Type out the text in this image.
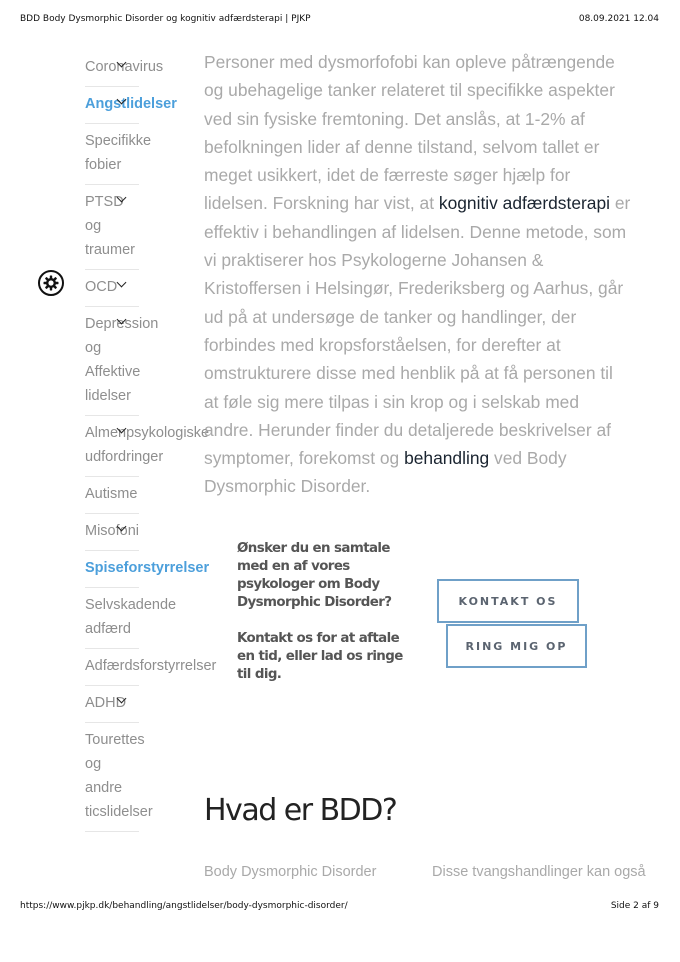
BDD Body Dysmorphic Disorder og kognitiv adfærdsterapi | PJKP	08.09.2021 12.04
Coronavirus
Angstlidelser
Specifikke fobier
PTSD og traumer
OCD
Depression og Affektive lidelser
Almenpsykologiske udfordringer
Autisme
Misofoni
Spiseforstyrrelser
Selvskadende adfærd
Adfærdsforstyrrelser
ADHD
Tourettes og andre ticslidelser

Personer med dysmorfofobi kan opleve påtrængende og ubehagelige tanker relateret til specifikke aspekter ved sin fysiske fremtoning. Det anslås, at 1-2% af befolkningen lider af denne tilstand, selvom tallet er meget usikkert, idet de færreste søger hjælp for lidelsen. Forskning har vist, at kognitiv adfærdsterapi er effektiv i behandlingen af lidelsen. Denne metode, som vi praktiserer hos Psykologerne Johansen & Kristoffersen i Helsingør, Frederiksberg og Aarhus, går ud på at undersøge de tanker og handlinger, der forbindes med kropsforståelsen, for derefter at omstrukturere disse med henblik på at få personen til at føle sig mere tilpas i sin krop og i selskab med andre. Herunder finder du detaljerede beskrivelser af symptomer, forekomst og behandling ved Body Dysmorphic Disorder.

Ønsker du en samtale med en af vores psykologer om Body Dysmorphic Disorder?

Kontakt os for at aftale en tid, eller lad os ringe til dig.

KONTAKT OS
RING MIG OP
Hvad er BDD?
Body Dysmorphic Disorder	Disse tvangshandlinger kan også
https://www.pjkp.dk/behandling/angstlidelser/body-dysmorphic-disorder/	Side 2 af 9
